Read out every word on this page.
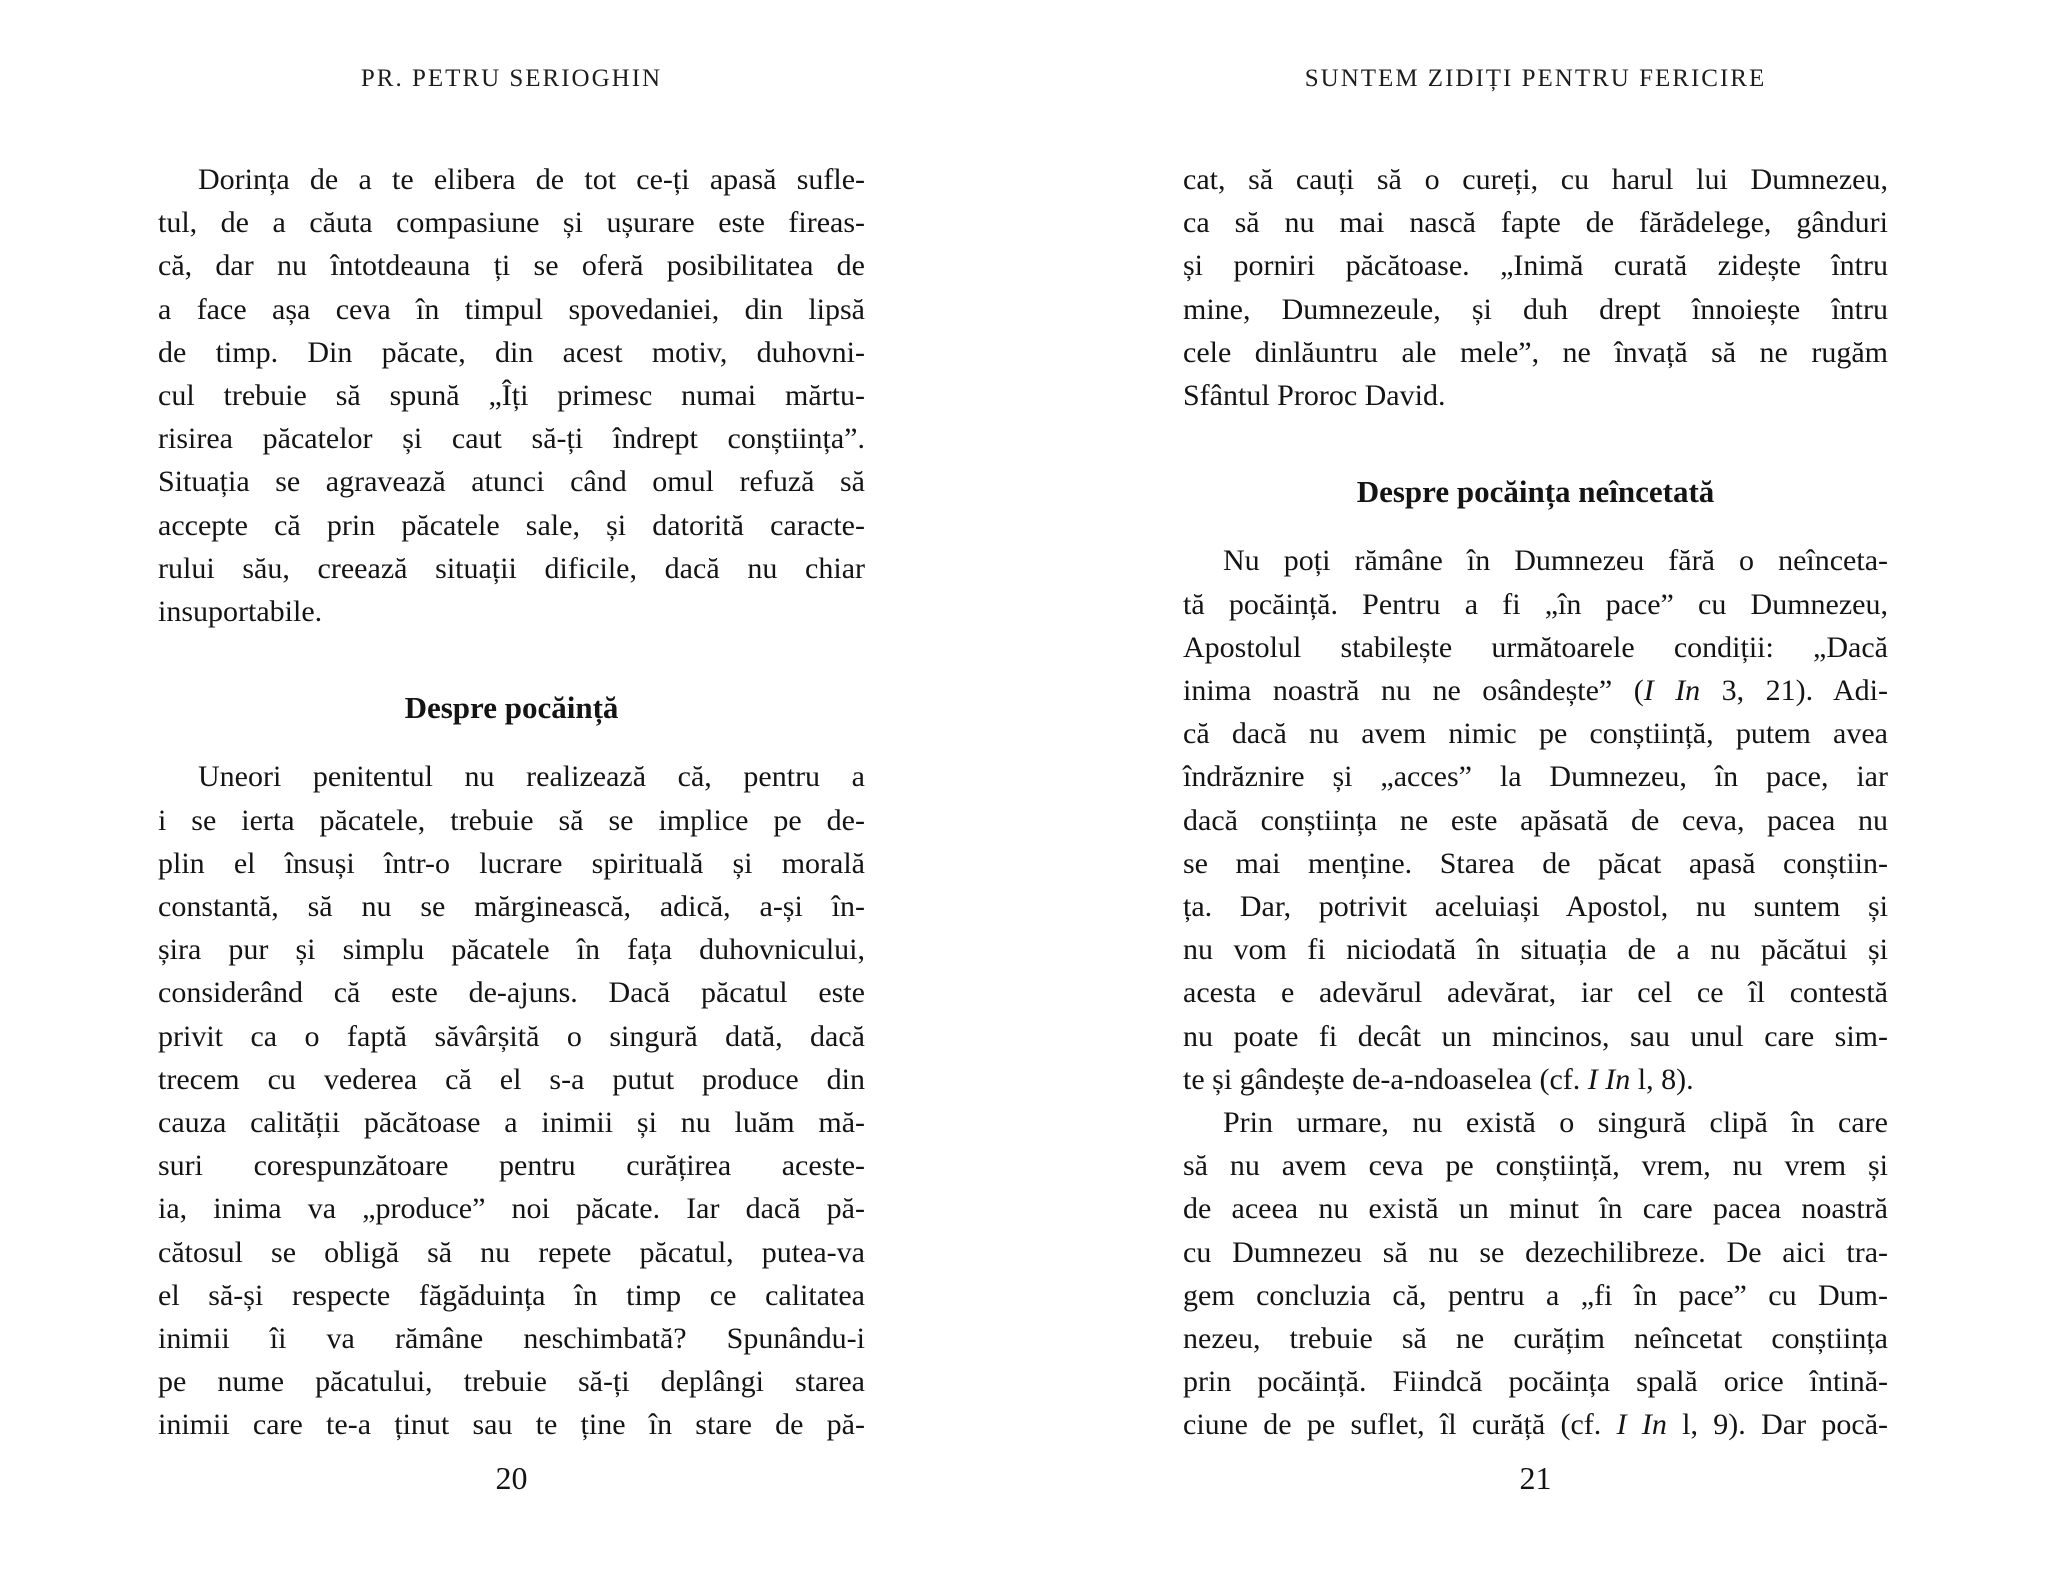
PR. PETRU SERIOGHIN
Dorința de a te elibera de tot ce-ți apasă sufle-
tul, de a căuta compasiune și ușurare este fireas-
că, dar nu întotdeauna ți se oferă posibilitatea de
a face așa ceva în timpul spovedaniei, din lipsă
de timp. Din păcate, din acest motiv, duhovni-
cul trebuie să spună „Îți primesc numai mărtu-
risirea păcatelor și caut să-ți îndrept conștiința”.
Situația se agravează atunci când omul refuză să
accepte că prin păcatele sale, și datorită caracte-
rului său, creează situații dificile, dacă nu chiar
insuportabile.
Despre pocăință
Uneori penitentul nu realizează că, pentru a
i se ierta păcatele, trebuie să se implice pe de-
plin el însuși într-o lucrare spirituală și morală
constantă, să nu se mărginească, adică, a-și în-
șira pur și simplu păcatele în fața duhovnicului,
considerând că este de-ajuns. Dacă păcatul este
privit ca o faptă săvârșită o singură dată, dacă
trecem cu vederea că el s-a putut produce din
cauza calității păcătoase a inimii și nu luăm mă-
suri corespunzătoare pentru curățirea aceste-
ia, inima va „produce” noi păcate. Iar dacă pă-
cătosul se obligă să nu repete păcatul, putea-va
el să-și respecte făgăduința în timp ce calitatea
inimii îi va rămâne neschimbată? Spunându-i
pe nume păcatului, trebuie să-ți deplângi starea
inimii care te-a ținut sau te ține în stare de pă-
20
SUNTEM ZIDIȚI PENTRU FERICIRE
cat, să cauți să o cureți, cu harul lui Dumnezeu,
ca să nu mai nască fapte de fărădelege, gânduri
și porniri păcătoase. „Inimă curată zidește întru
mine, Dumnezeule, și duh drept înnoiește întru
cele dinlăuntru ale mele”, ne învață să ne rugăm
Sfântul Proroc David.
Despre pocăința neîncetată
Nu poți rămâne în Dumnezeu fără o neînceta-
tă pocăință. Pentru a fi „în pace” cu Dumnezeu,
Apostolul stabilește următoarele condiții: „Dacă
inima noastră nu ne osândește” (I In 3, 21). Adi-
că dacă nu avem nimic pe conștiință, putem avea
îndrăznire și „acces” la Dumnezeu, în pace, iar
dacă conștiința ne este apăsată de ceva, pacea nu
se mai menține. Starea de păcat apasă conștiin-
ța. Dar, potrivit aceluiași Apostol, nu suntem și
nu vom fi niciodată în situația de a nu păcătui și
acesta e adevărul adevărat, iar cel ce îl contestă
nu poate fi decât un mincinos, sau unul care sim-
te și gândește de-a-ndoaselea (cf. I In l, 8).
Prin urmare, nu există o singură clipă în care
să nu avem ceva pe conștiință, vrem, nu vrem și
de aceea nu există un minut în care pacea noastră
cu Dumnezeu să nu se dezechilibreze. De aici tra-
gem concluzia că, pentru a „fi în pace” cu Dum-
nezeu, trebuie să ne curățim neîncetat conștiința
prin pocăință. Fiindcă pocăința spală orice întină-
ciune de pe suflet, îl curăță (cf. I In l, 9). Dar pocă-
21
